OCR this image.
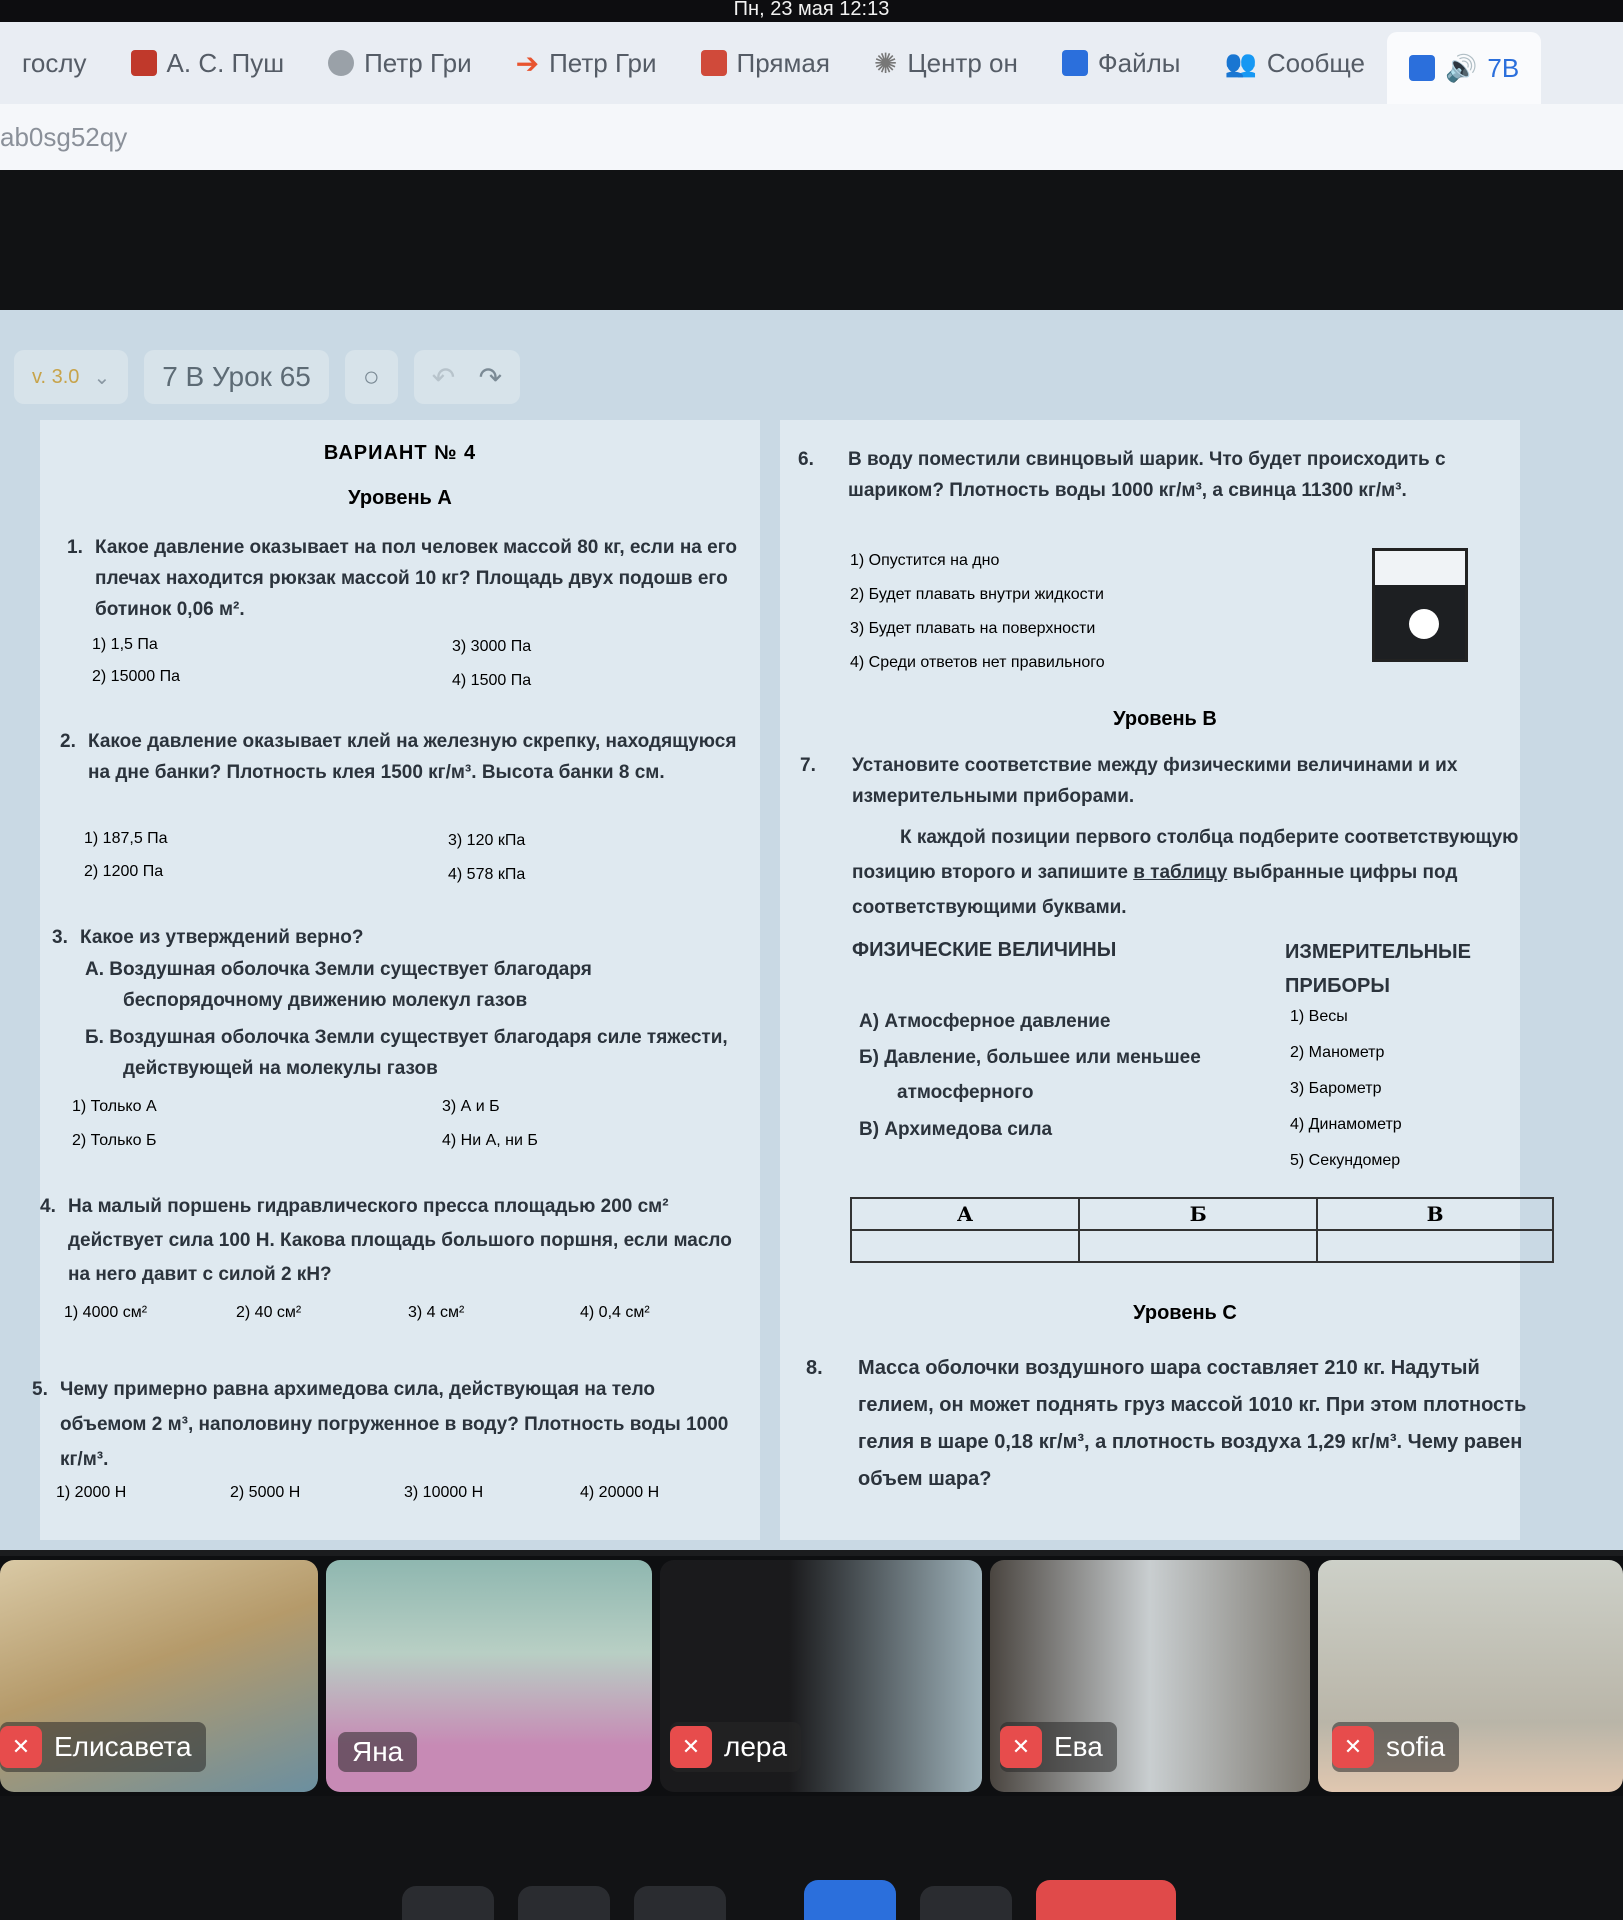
Пн, 23 мая 12:13
гослу	А. С. Пуш	Петр Гри ➔ Петр Гри	Прямая ✺ Центр он	Файлы 👥 Сообще	🔊 7В
ab0sg52qy
v. 3.0 ⌄	7 В Урок 65	○ ↶
↷
ВАРИАНТ № 4
Уровень А
1. Какое давление оказывает на пол человек массой 80 кг, если на его плечах находится рюкзак массой 10 кг? Площадь двух подошв его ботинок 0,06 м².
1) 1,5 Па	3) 3000 Па
2) 15000 Па	4) 1500 Па
2. Какое давление оказывает клей на железную скрепку, находящуюся на дне банки? Плотность клея 1500 кг/м³. Высота банки 8 см.
1) 187,5 Па	3) 120 кПа
2) 1200 Па	4) 578 кПа
3. Какое из утверждений верно?
А. Воздушная оболочка Земли существует благодаря беспорядочному движению молекул газов
Б. Воздушная оболочка Земли существует благодаря силе тяжести, действующей на молекулы газов
1) Только А	3) А и Б
2) Только Б	4) Ни А, ни Б
4. На малый поршень гидравлического пресса площадью 200 см² действует сила 100 Н. Какова площадь большого поршня, если масло на него давит с силой 2 кН?
1) 4000 см²	2) 40 см²	3) 4 см²	4) 0,4 см²
5. Чему примерно равна архимедова сила, действующая на тело объемом 2 м³, наполовину погруженное в воду? Плотность воды 1000 кг/м³.
1) 2000 Н	2) 5000 Н	3) 10000 Н	4) 20000 Н
6. В воду поместили свинцовый шарик. Что будет происходить с шариком? Плотность воды 1000 кг/м³, а свинца 11300 кг/м³.
1) Опустится на дно
2) Будет плавать внутри жидкости
3) Будет плавать на поверхности
4) Среди ответов нет правильного
Уровень В
7. Установите соответствие между физическими величинами и их измерительными приборами.
К каждой позиции первого столбца подберите соответствующую позицию второго и запишите в таблицу выбранные цифры под соответствующими буквами.
ФИЗИЧЕСКИЕ ВЕЛИЧИНЫ	ИЗМЕРИТЕЛЬНЫЕ ПРИБОРЫ
А) Атмосферное давление
Б) Давление, большее или меньшее атмосферного
В) Архимедова сила
1) Весы
2) Манометр
3) Барометр
4) Динамометр
5) Секундомер
А	Б	В

Уровень С
8. Масса оболочки воздушного шара составляет 210 кг. Надутый гелием, он может поднять груз массой 1010 кг. При этом плотность гелия в шаре 0,18 кг/м³, а плотность воздуха 1,29 кг/м³. Чему равен объем шара?
✕ Елисавета	Яна	✕ лера	✕ Ева	✕ sofia
